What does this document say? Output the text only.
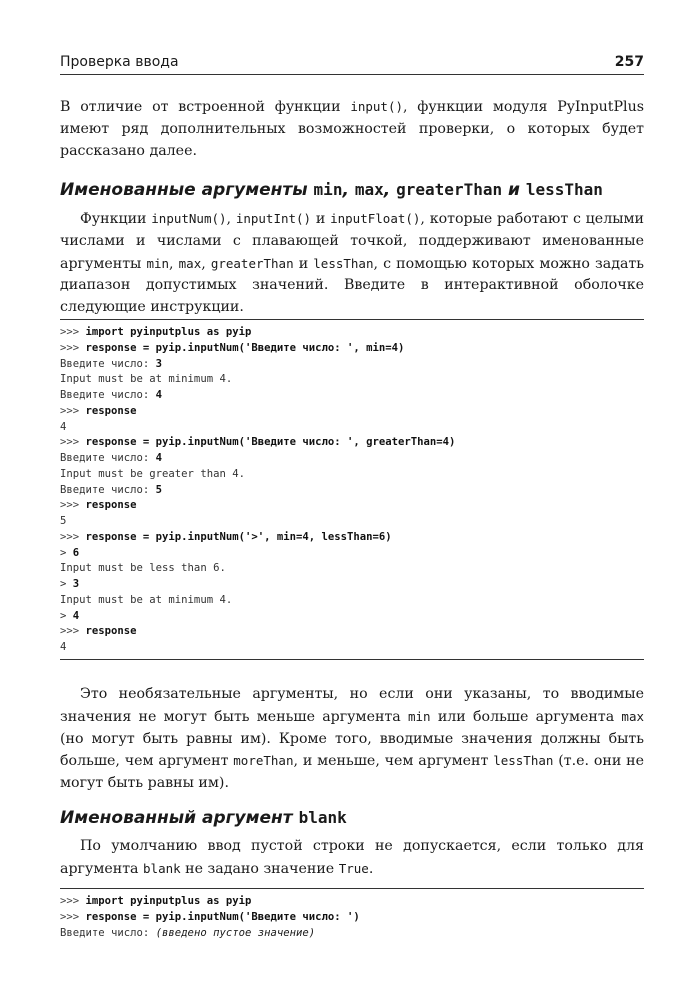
Проверка ввода	257

В отличие от встроенной функции input(), функции модуля PyInputPlus имеют ряд дополнительных возможностей проверки, о которых будет рассказано далее.

Именованные аргументы min, max, greaterThan и lessThan

Функции inputNum(), inputInt() и inputFloat(), которые работают с целыми числами и числами с плавающей точкой, поддерживают именованные аргументы min, max, greaterThan и lessThan, с помощью которых можно задать диапазон допустимых значений. Введите в интерактивной оболочке следующие инструкции.

>>> import pyinputplus as pyip
>>> response = pyip.inputNum('Введите число: ', min=4)
Введите число: 3
Input must be at minimum 4.
Введите число: 4
>>> response
4
>>> response = pyip.inputNum('Введите число: ', greaterThan=4)
Введите число: 4
Input must be greater than 4.
Введите число: 5
>>> response
5
>>> response = pyip.inputNum('>', min=4, lessThan=6)
> 6
Input must be less than 6.
> 3
Input must be at minimum 4.
> 4
>>> response
4

Это необязательные аргументы, но если они указаны, то вводимые значения не могут быть меньше аргумента min или больше аргумента max (но могут быть равны им). Кроме того, вводимые значения должны быть больше, чем аргумент moreThan, и меньше, чем аргумент lessThan (т.е. они не могут быть равны им).

Именованный аргумент blank

По умолчанию ввод пустой строки не допускается, если только для аргумента blank не задано значение True.

>>> import pyinputplus as pyip
>>> response = pyip.inputNum('Введите число: ')
Введите число: (введено пустое значение)
